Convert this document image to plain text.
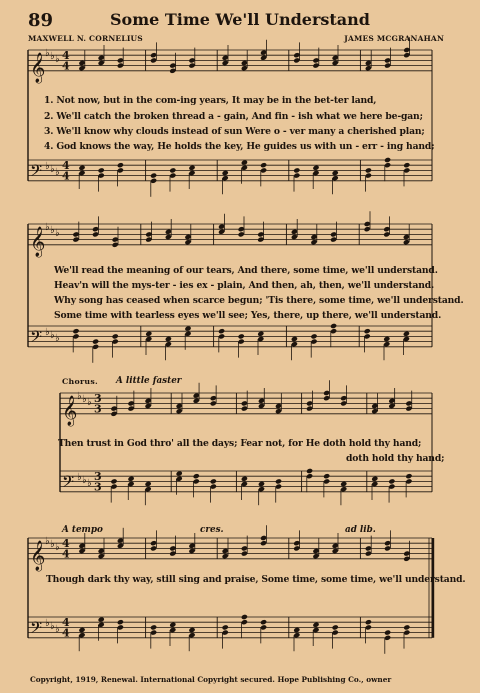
89	Some Time We'll Understand
MAXWELL N. CORNELIUS	JAMES MCGRANAHAN
𝄞 ♭ ♭ ♭ 4
4
𝄢 ♭ ♭ ♭
4
4
𝄞 ♭ ♭ ♭
𝄢 ♭ ♭ ♭
𝄞 ♭ ♭ ♭ 3
3
𝄢 ♭ ♭ ♭
3
3
𝄞 ♭ ♭ ♭ 4
4
𝄢 ♭ ♭ ♭
4
4
1. Not now, but in the com-ing years, It may be in the bet-ter land,
2. We'll catch the broken thread a - gain, And fin - ish what we here be-gan;
3. We'll know why clouds instead of sun Were o - ver many a cherished plan;
4. God knows the way, He holds the key, He guides us with un - err - ing hand;
We'll read the meaning of our tears, And there, some time, we'll understand.
Heav'n will the mys-ter - ies ex - plain, And then, ah, then, we'll understand.
Why song has ceased when scarce begun; 'Tis there, some time, we'll understand.
Some time with tearless eyes we'll see; Yes, there, up there, we'll understand.
Chorus. A little faster
Then trust in God thro' all the days; Fear not, for He doth hold thy hand;
doth hold thy hand;
A tempo	cres.	ad lib.
Though dark thy way, still sing and praise, Some time, some time, we'll understand.
Copyright, 1919, Renewal. International Copyright secured. Hope Publishing Co., owner
